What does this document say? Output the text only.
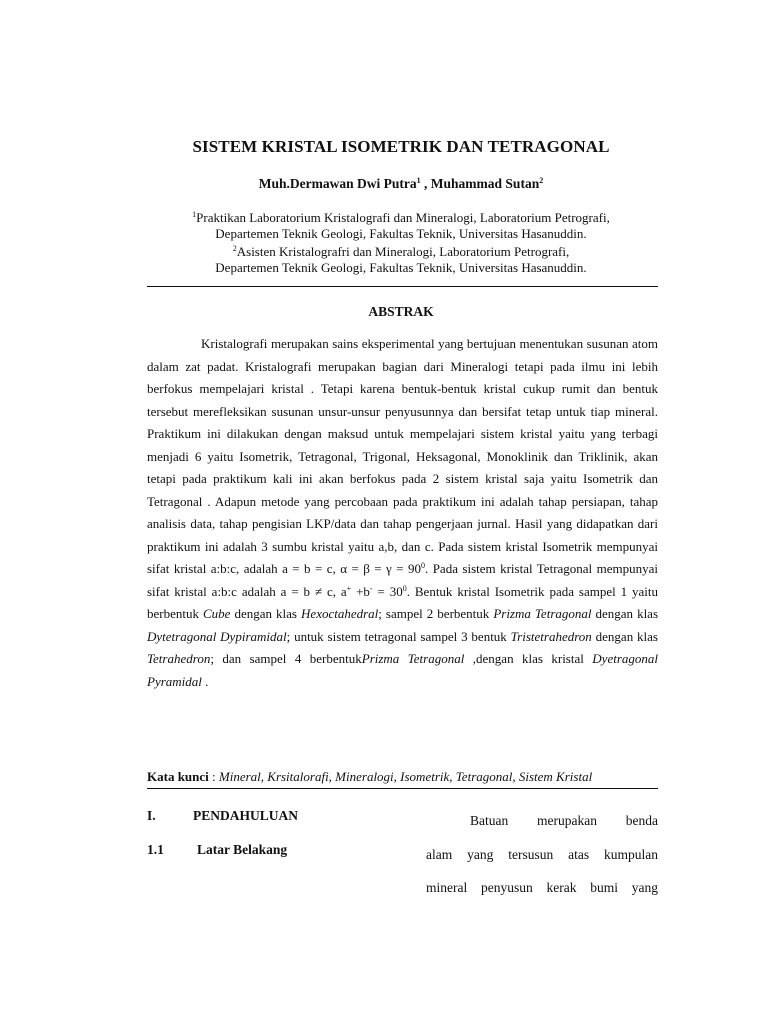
SISTEM KRISTAL ISOMETRIK DAN TETRAGONAL
Muh.Dermawan Dwi Putra$^1$ , Muhammad Sutan$^2$
$^1$Praktikan Laboratorium Kristalografi dan Mineralogi, Laboratorium Petrografi,
Departemen Teknik Geologi, Fakultas Teknik, Universitas Hasanuddin.
$^2$Asisten Kristalografri dan Mineralogi, Laboratorium Petrografi,
Departemen Teknik Geologi, Fakultas Teknik, Universitas Hasanuddin.
ABSTRAK
Kristalografi merupakan sains eksperimental yang bertujuan menentukan susunan atom dalam zat padat. Kristalografi merupakan bagian dari Mineralogi tetapi pada ilmu ini lebih berfokus mempelajari kristal . Tetapi karena bentuk-bentuk kristal cukup rumit dan bentuk tersebut merefleksikan susunan unsur-unsur penyusunnya dan bersifat tetap untuk tiap mineral. Praktikum ini dilakukan dengan maksud untuk mempelajari sistem kristal yaitu yang terbagi menjadi 6 yaitu Isometrik, Tetragonal, Trigonal, Heksagonal, Monoklinik dan Triklinik, akan tetapi pada praktikum kali ini akan berfokus pada 2 sistem kristal saja yaitu Isometrik dan Tetragonal . Adapun metode yang percobaan pada praktikum ini adalah tahap persiapan, tahap analisis data, tahap pengisian LKP/data dan tahap pengerjaan jurnal. Hasil yang didapatkan dari praktikum ini adalah 3 sumbu kristal yaitu a,b, dan c. Pada sistem kristal Isometrik mempunyai sifat kristal a:b:c, adalah a = b = c, $\alpha = \beta = \gamma = 90^0$. Pada sistem kristal Tetragonal mempunyai sifat kristal a:b:c adalah a = b ≠ c, $a^+ +b^- = 30^0$. Bentuk kristal Isometrik pada sampel 1 yaitu berbentuk Cube dengan klas Hexoctahedral; sampel 2 berbentuk Prizma Tetragonal dengan klas Dytetragonal Dypiramidal; untuk sistem tetragonal sampel 3 bentuk Tristetrahedron dengan klas Tetrahedron; dan sampel 4 berbentukPrizma Tetragonal ,dengan klas kristal Dyetragonal Pyramidal .
Kata kunci : Mineral, Krsitalorafi, Mineralogi, Isometrik, Tetragonal, Sistem Kristal
I.	PENDAHULUAN
1.1 Latar Belakang
Batuan merupakan benda
alam yang tersusun atas kumpulan
mineral penyusun kerak bumi yang
